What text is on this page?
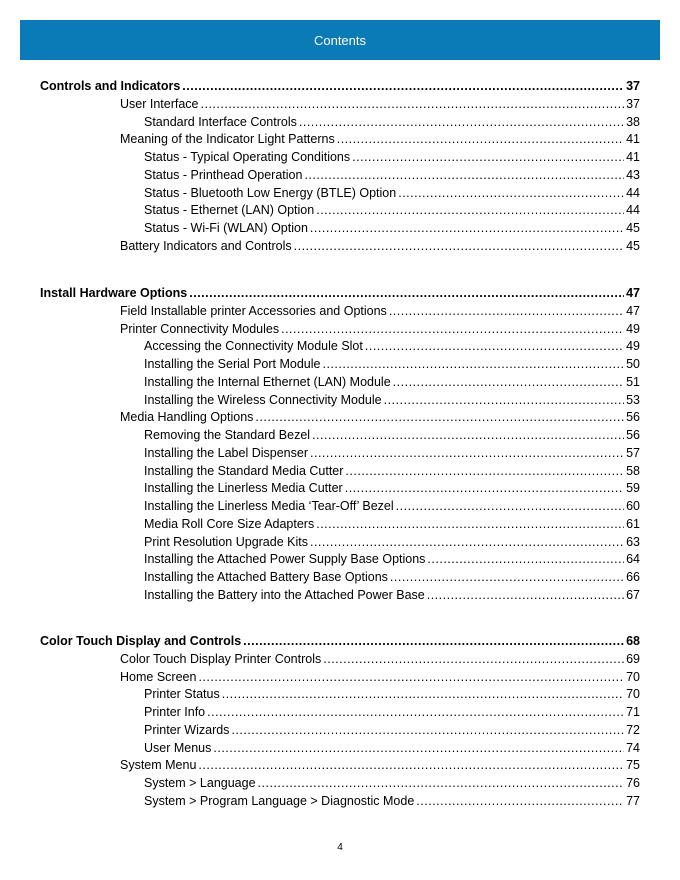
Contents
Controls and Indicators .....	37
User Interface .....	37
Standard Interface Controls .....	38
Meaning of the Indicator Light Patterns .....	41
Status - Typical Operating Conditions .....	41
Status - Printhead Operation .....	43
Status - Bluetooth Low Energy (BTLE) Option .....	44
Status - Ethernet (LAN) Option .....	44
Status - Wi-Fi (WLAN) Option .....	45
Battery Indicators and Controls .....	45
Install Hardware Options .....	47
Field Installable printer Accessories and Options .....	47
Printer Connectivity Modules .....	49
Accessing the Connectivity Module Slot .....	49
Installing the Serial Port Module .....	50
Installing the Internal Ethernet (LAN) Module .....	51
Installing the Wireless Connectivity Module .....	53
Media Handling Options .....	56
Removing the Standard Bezel .....	56
Installing the Label Dispenser .....	57
Installing the Standard Media Cutter .....	58
Installing the Linerless Media Cutter .....	59
Installing the Linerless Media ‘Tear-Off’ Bezel .....	60
Media Roll Core Size Adapters .....	61
Print Resolution Upgrade Kits .....	63
Installing the Attached Power Supply Base Options .....	64
Installing the Attached Battery Base Options .....	66
Installing the Battery into the Attached Power Base .....	67
Color Touch Display and Controls .....	68
Color Touch Display Printer Controls .....	69
Home Screen .....	70
Printer Status .....	70
Printer Info .....	71
Printer Wizards .....	72
User Menus .....	74
System Menu .....	75
System > Language .....	76
System > Program Language > Diagnostic Mode .....	77
4
